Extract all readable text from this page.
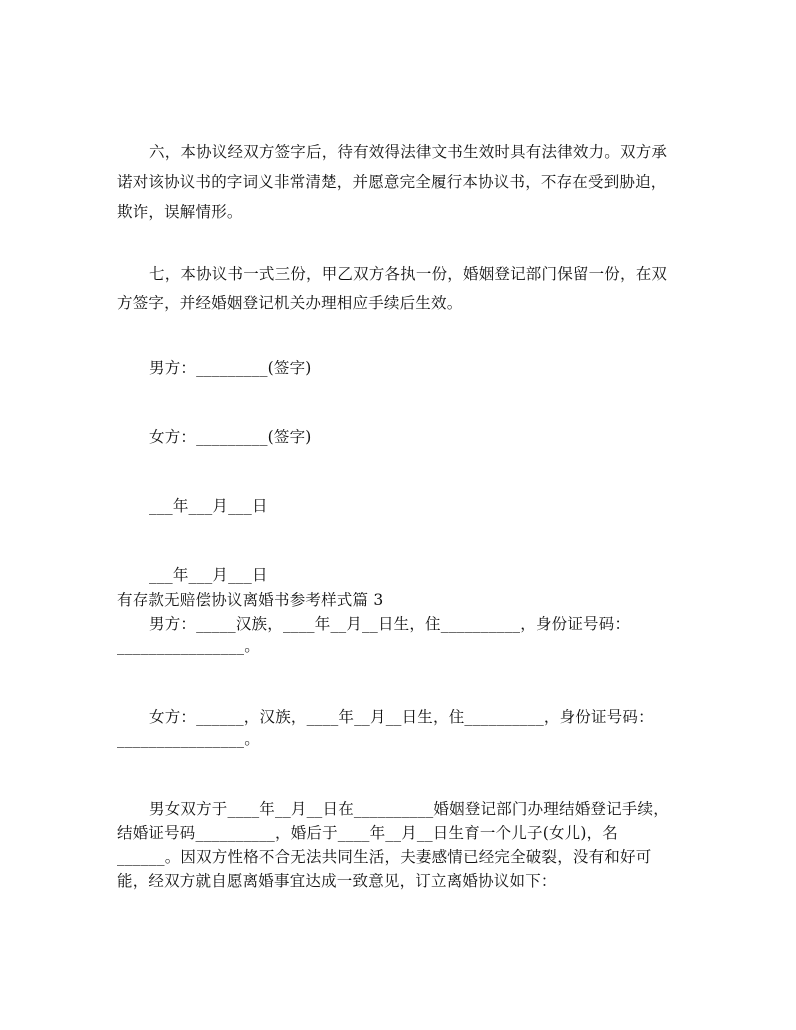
六，本协议经双方签字后，待有效得法律文书生效时具有法律效力。双方承
诺对该协议书的字词义非常清楚，并愿意完全履行本协议书，不存在受到胁迫，
欺诈，误解情形。
七，本协议书一式三份，甲乙双方各执一份，婚姻登记部门保留一份，在双
方签字，并经婚姻登记机关办理相应手续后生效。
男方：_________(签字)
女方：_________(签字)
___年___月___日
___年___月___日
有存款无赔偿协议离婚书参考样式篇 3
男方：_____汉族，____年__月__日生，住__________，身份证号码：
________________。
女方：______，汉族，____年__月__日生，住__________，身份证号码：
________________。
男女双方于____年__月__日在__________婚姻登记部门办理结婚登记手续，
结婚证号码__________，婚后于____年__月__日生育一个儿子(女儿)，名
______。因双方性格不合无法共同生活，夫妻感情已经完全破裂，没有和好可
能，经双方就自愿离婚事宜达成一致意见，订立离婚协议如下：
